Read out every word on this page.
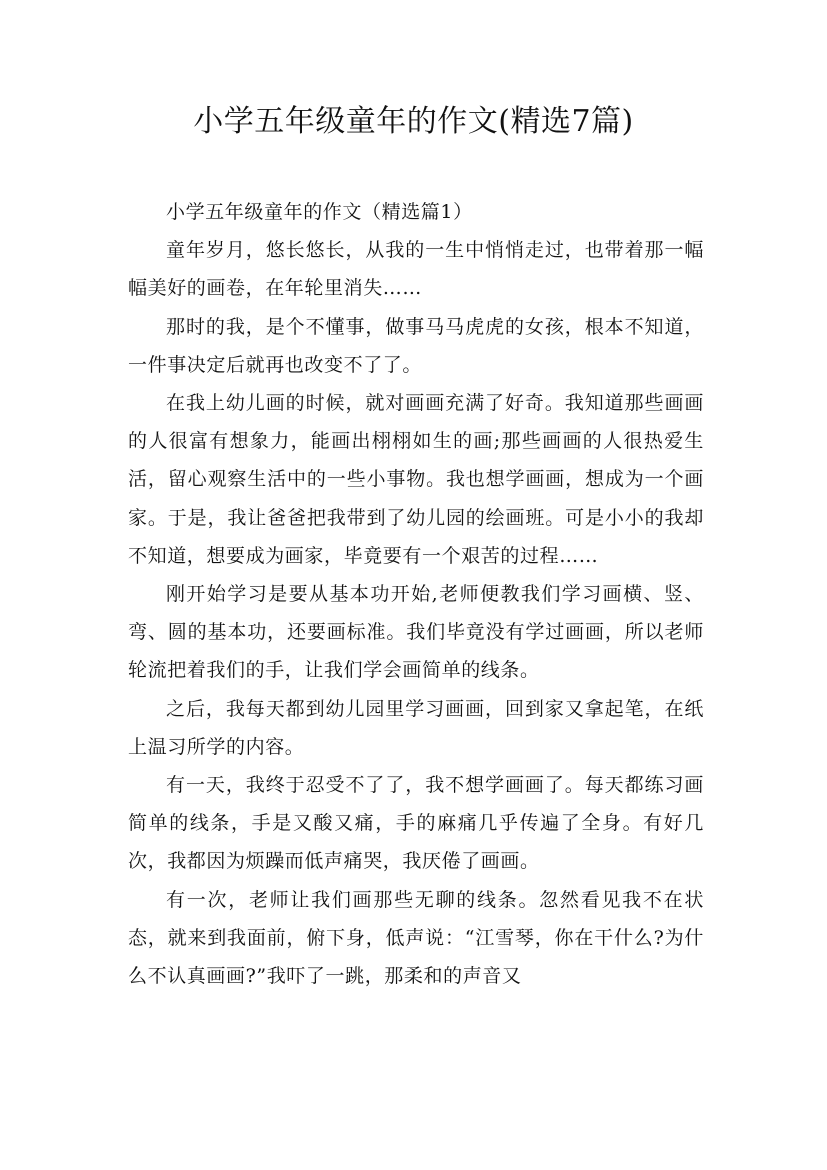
小学五年级童年的作文(精选7篇)

小学五年级童年的作文（精选篇1）

童年岁月，悠长悠长，从我的一生中悄悄走过，也带着那一幅幅美好的画卷，在年轮里消失……

那时的我，是个不懂事，做事马马虎虎的女孩，根本不知道，一件事决定后就再也改变不了了。

在我上幼儿画的时候，就对画画充满了好奇。我知道那些画画的人很富有想象力，能画出栩栩如生的画;那些画画的人很热爱生活，留心观察生活中的一些小事物。我也想学画画，想成为一个画家。于是，我让爸爸把我带到了幼儿园的绘画班。可是小小的我却不知道，想要成为画家，毕竟要有一个艰苦的过程……

刚开始学习是要从基本功开始,老师便教我们学习画横、竖、弯、圆的基本功，还要画标准。我们毕竟没有学过画画，所以老师轮流把着我们的手，让我们学会画简单的线条。

之后，我每天都到幼儿园里学习画画，回到家又拿起笔，在纸上温习所学的内容。

有一天，我终于忍受不了了，我不想学画画了。每天都练习画简单的线条，手是又酸又痛，手的麻痛几乎传遍了全身。有好几次，我都因为烦躁而低声痛哭，我厌倦了画画。

有一次，老师让我们画那些无聊的线条。忽然看见我不在状态，就来到我面前，俯下身，低声说：“江雪琴，你在干什么?为什么不认真画画?”我吓了一跳，那柔和的声音又
